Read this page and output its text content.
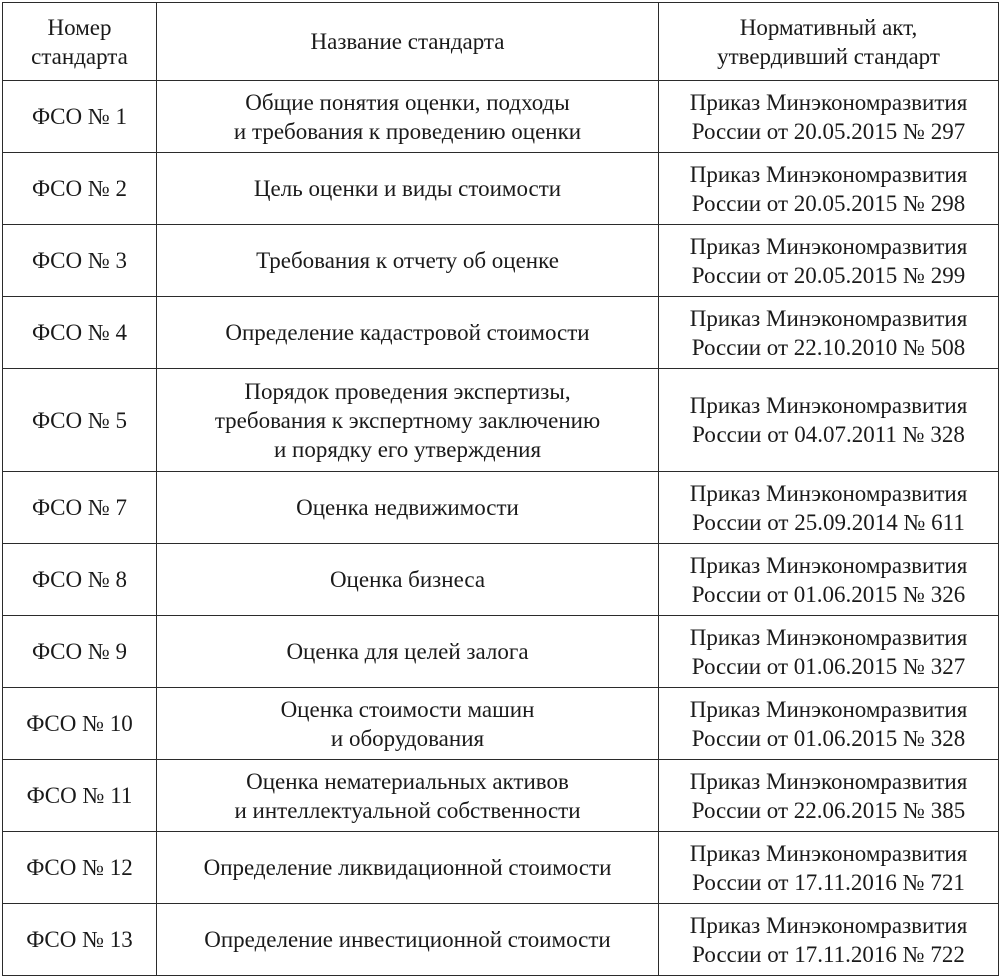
Номер
стандарта	Название стандарта	Нормативный акт,
утвердивший стандарт

ФСО № 1	Общие понятия оценки, подходы
и требования к проведению оценки	Приказ Минэкономразвития
России от 20.05.2015 № 297

ФСО № 2	Цель оценки и виды стоимости	Приказ Минэкономразвития
России от 20.05.2015 № 298

ФСО № 3	Требования к отчету об оценке	Приказ Минэкономразвития
России от 20.05.2015 № 299

ФСО № 4	Определение кадастровой стоимости	Приказ Минэкономразвития
России от 22.10.2010 № 508

ФСО № 5	Порядок проведения экспертизы,
требования к экспертному заключению
и порядку его утверждения	Приказ Минэкономразвития
России от 04.07.2011 № 328

ФСО № 7	Оценка недвижимости	Приказ Минэкономразвития
России от 25.09.2014 № 611

ФСО № 8	Оценка бизнеса	Приказ Минэкономразвития
России от 01.06.2015 № 326

ФСО № 9	Оценка для целей залога	Приказ Минэкономразвития
России от 01.06.2015 № 327

ФСО № 10	Оценка стоимости машин
и оборудования	Приказ Минэкономразвития
России от 01.06.2015 № 328

ФСО № 11	Оценка нематериальных активов
и интеллектуальной собственности	Приказ Минэкономразвития
России от 22.06.2015 № 385

ФСО № 12	Определение ликвидационной стоимости	Приказ Минэкономразвития
России от 17.11.2016 № 721

ФСО № 13	Определение инвестиционной стоимости	Приказ Минэкономразвития
России от 17.11.2016 № 722
